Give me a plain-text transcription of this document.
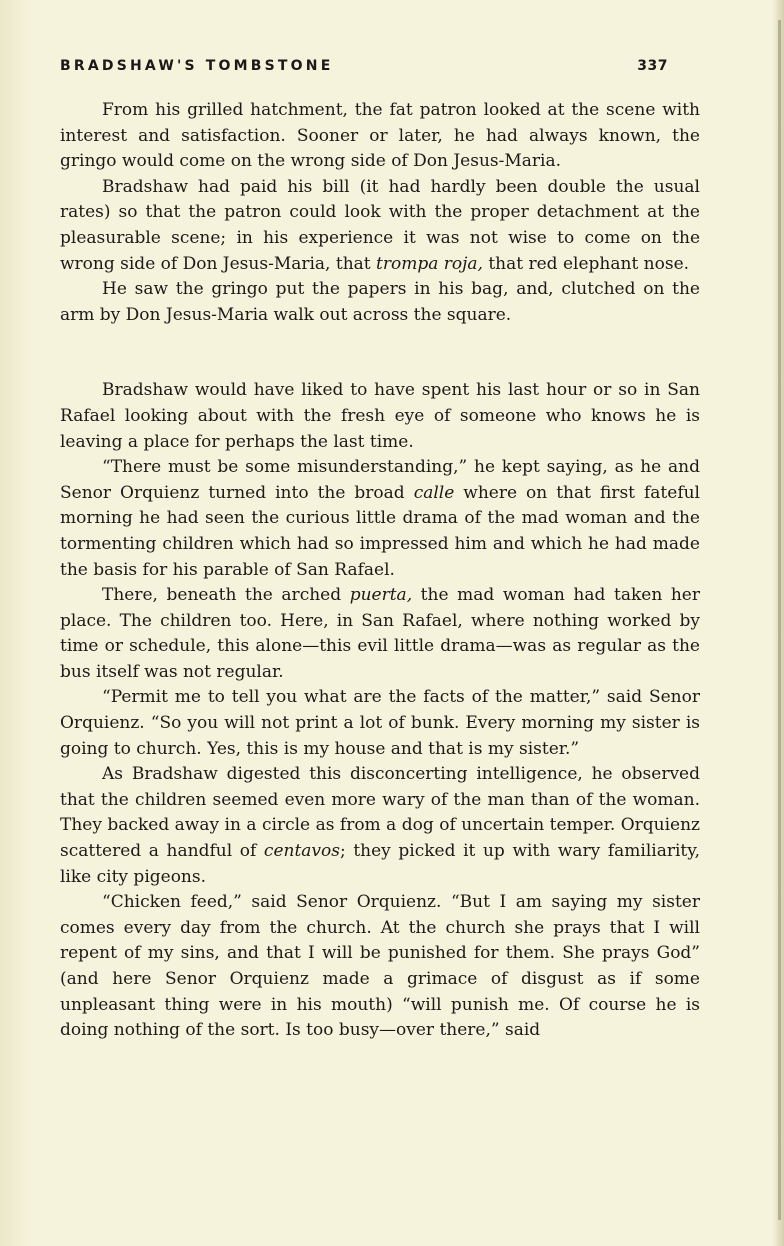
BRADSHAW'S TOMBSTONE	337

From his grilled hatchment, the fat patron looked at the scene with interest and satisfaction. Sooner or later, he had always known, the gringo would come on the wrong side of Don Jesus-Maria.

Bradshaw had paid his bill (it had hardly been double the usual rates) so that the patron could look with the proper detachment at the pleasurable scene; in his experience it was not wise to come on the wrong side of Don Jesus-Maria, that trompa roja, that red elephant nose.

He saw the gringo put the papers in his bag, and, clutched on the arm by Don Jesus-Maria walk out across the square.

Bradshaw would have liked to have spent his last hour or so in San Rafael looking about with the fresh eye of someone who knows he is leaving a place for perhaps the last time.

“There must be some misunderstanding,” he kept saying, as he and Senor Orquienz turned into the broad calle where on that first fateful morning he had seen the curious little drama of the mad woman and the tormenting children which had so impressed him and which he had made the basis for his parable of San Rafael.

There, beneath the arched puerta, the mad woman had taken her place. The children too. Here, in San Rafael, where nothing worked by time or schedule, this alone—this evil little drama—was as regular as the bus itself was not regular.

“Permit me to tell you what are the facts of the matter,” said Senor Orquienz. “So you will not print a lot of bunk. Every morning my sister is going to church. Yes, this is my house and that is my sister.”

As Bradshaw digested this disconcerting intelligence, he observed that the children seemed even more wary of the man than of the woman. They backed away in a circle as from a dog of uncertain temper. Orquienz scattered a handful of centavos; they picked it up with wary familiarity, like city pigeons.

“Chicken feed,” said Senor Orquienz. “But I am saying my sister comes every day from the church. At the church she prays that I will repent of my sins, and that I will be punished for them. She prays God” (and here Senor Orquienz made a grimace of disgust as if some unpleasant thing were in his mouth) “will punish me. Of course he is doing nothing of the sort. Is too busy—over there,” said
